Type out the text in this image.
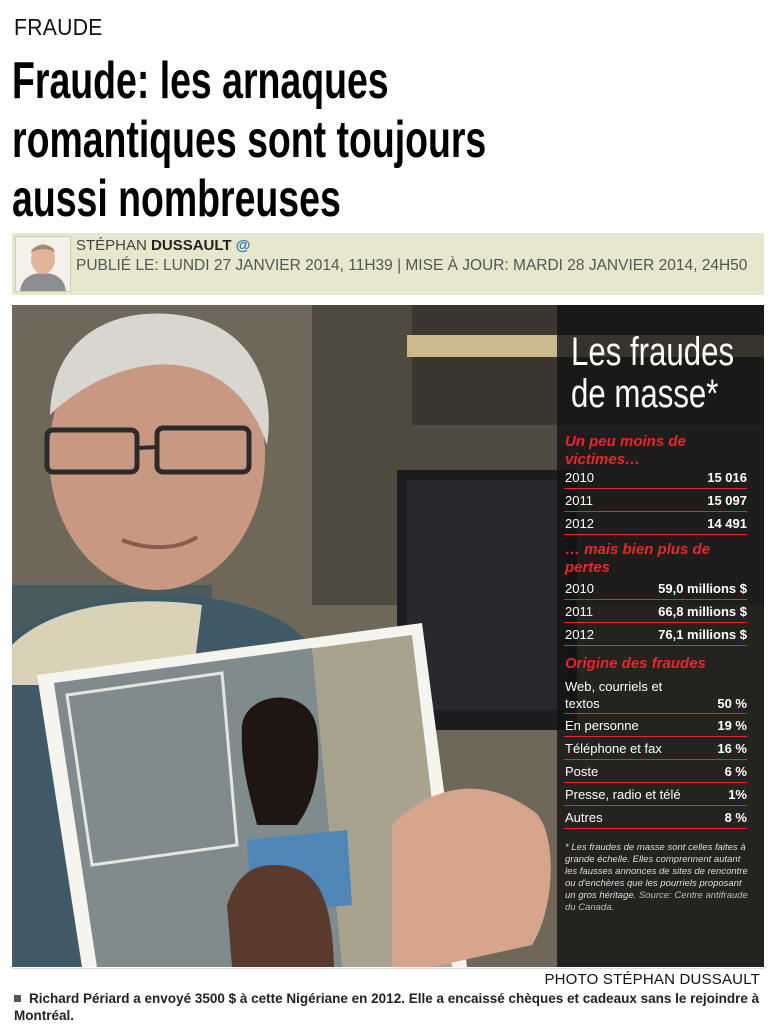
FRAUDE
Fraude: les arnaques
romantiques sont toujours
aussi nombreuses
STÉPHAN DUSSAULT @
PUBLIÉ LE: LUNDI 27 JANVIER 2014, 11H39 | MISE À JOUR: MARDI 28 JANVIER 2014, 24H50
Les fraudes
de masse*
Un peu moins de victimes…
2010	15 016
2011	15 097
2012	14 491
… mais bien plus de pertes
2010	59,0 millions $
2011	66,8 millions $
2012	76,1 millions $
Origine des fraudes
Web, courriels et textos	50 %
En personne	19 %
Téléphone et fax	16 %
Poste	6 %
Presse, radio et télé	1%
Autres	8 %
* Les fraudes de masse sont celles faites à grande échelle. Elles comprennent autant les fausses annonces de sites de rencontre ou d'enchères que les pourriels proposant un gros héritage. Source: Centre antifraude du Canada.
PHOTO STÉPHAN DUSSAULT
Richard Périard a envoyé 3500 $ à cette Nigériane en 2012. Elle a encaissé chèques et cadeaux sans le rejoindre à Montréal.
